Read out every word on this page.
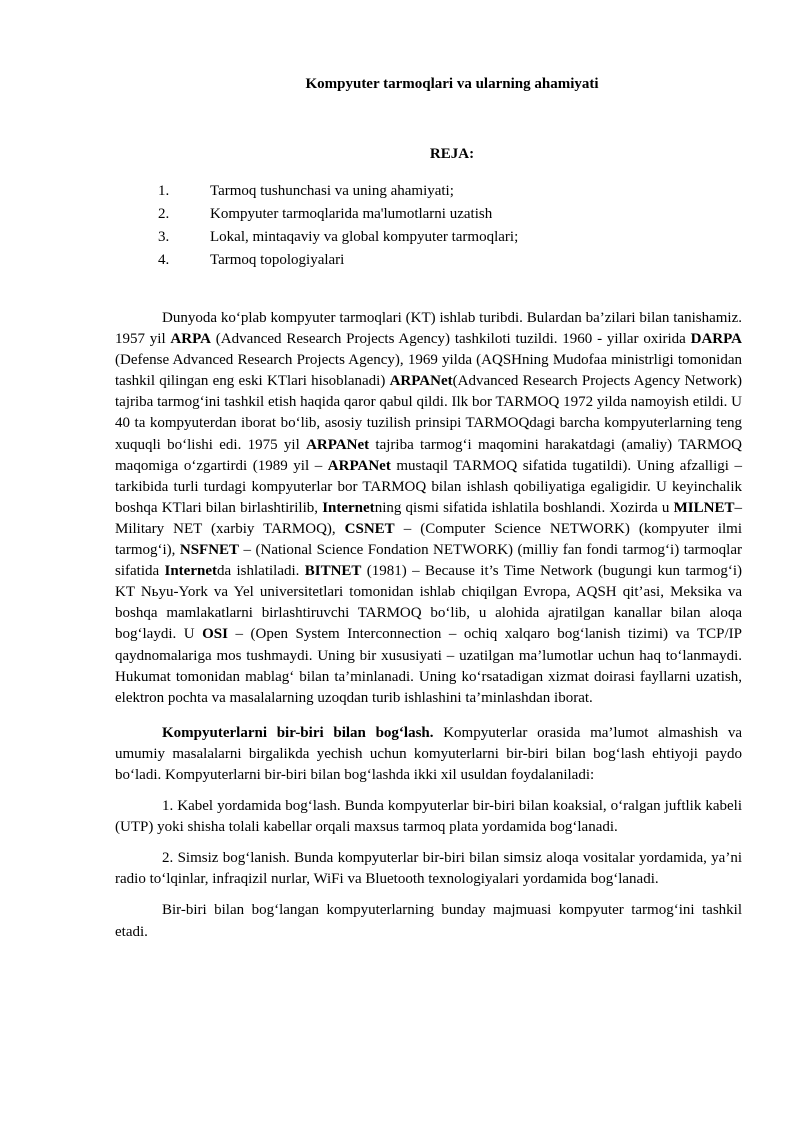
Kompyuter tarmoqlari va ularning ahamiyati
REJA:
1.	Tarmoq tushunchasi va uning ahamiyati;
2.	Kompyuter tarmoqlarida ma'lumotlarni uzatish
3.	Lokal, mintaqaviy va global kompyuter tarmoqlari;
4.	Tarmoq topologiyalari

Dunyoda ko‘plab kompyuter tarmoqlari (KT) ishlab turibdi. Bulardan ba’zilari bilan tanishamiz. 1957 yil ARPA (Advanced Research Projects Agency) tashkiloti tuzildi. 1960 - yillar oxirida DARPA (Defense Advanced Research Projects Agency), 1969 yilda (AQSHning Mudofaa ministrligi tomonidan tashkil qilingan eng eski KTlari hisoblanadi) ARPANet(Advanced Research Projects Agency Network) tajriba tarmog‘ini tashkil etish haqida qaror qabul qildi. Ilk bor TARMOQ 1972 yilda namoyish etildi. U 40 ta kompyuterdan iborat bo‘lib, asosiy tuzilish prinsipi TARMOQdagi barcha kompyuterlarning teng xuquqli bo‘lishi edi. 1975 yil ARPANet tajriba tarmog‘i maqomini harakatdagi (amaliy) TARMOQ maqomiga o‘zgartirdi (1989 yil – ARPANet mustaqil TARMOQ sifatida tugatildi). Uning afzalligi – tarkibida turli turdagi kompyuterlar bor TARMOQ bilan ishlash qobiliyatiga egaligidir. U keyinchalik boshqa KTlari bilan birlashtirilib, Internetning qismi sifatida ishlatila boshlandi. Xozirda u MILNET– Military NET (xarbiy TARMOQ), CSNET – (Computer Science NETWORK) (kompyuter ilmi tarmog‘i), NSFNET – (National Science Fondation NETWORK) (milliy fan fondi tarmog‘i) tarmoqlar sifatida Internetda ishlatiladi. BITNET (1981) – Because it’s Time Network (bugungi kun tarmog‘i) KT Nьyu-York va Yel universitetlari tomonidan ishlab chiqilgan Evropa, AQSH qit’asi, Meksika va boshqa mamlakatlarni birlashtiruvchi TARMOQ bo‘lib, u alohida ajratilgan kanallar bilan aloqa bog‘laydi. U OSI – (Open System Interconnection – ochiq xalqaro bog‘lanish tizimi) va TCP/IP qaydnomalariga mos tushmaydi. Uning bir xususiyati – uzatilgan ma’lumotlar uchun haq to‘lanmaydi. Hukumat tomonidan mablag‘ bilan ta’minlanadi. Uning ko‘rsatadigan xizmat doirasi fayllarni uzatish, elektron pochta va masalalarning uzoqdan turib ishlashini ta’minlashdan iborat.

Kompyuterlarni bir-biri bilan bog‘lash. Kompyuterlar orasida ma’lumot almashish va umumiy masalalarni birgalikda yechish uchun komyuterlarni bir-biri bilan bog‘lash ehtiyoji paydo bo‘ladi. Kompyuterlarni bir-biri bilan bog‘lashda ikki xil usuldan foydalaniladi:

1. Kabel yordamida bog‘lash. Bunda kompyuterlar bir-biri bilan koaksial, o‘ralgan juftlik kabeli (UTP) yoki shisha tolali kabellar orqali maxsus tarmoq plata yordamida bog‘lanadi.

2. Simsiz bog‘lanish. Bunda kompyuterlar bir-biri bilan simsiz aloqa vositalar yordamida, ya’ni radio to‘lqinlar, infraqizil nurlar, WiFi va Bluetooth texnologiyalari yordamida bog‘lanadi.

Bir-biri bilan bog‘langan kompyuterlarning bunday majmuasi kompyuter tarmog‘ini tashkil etadi.
